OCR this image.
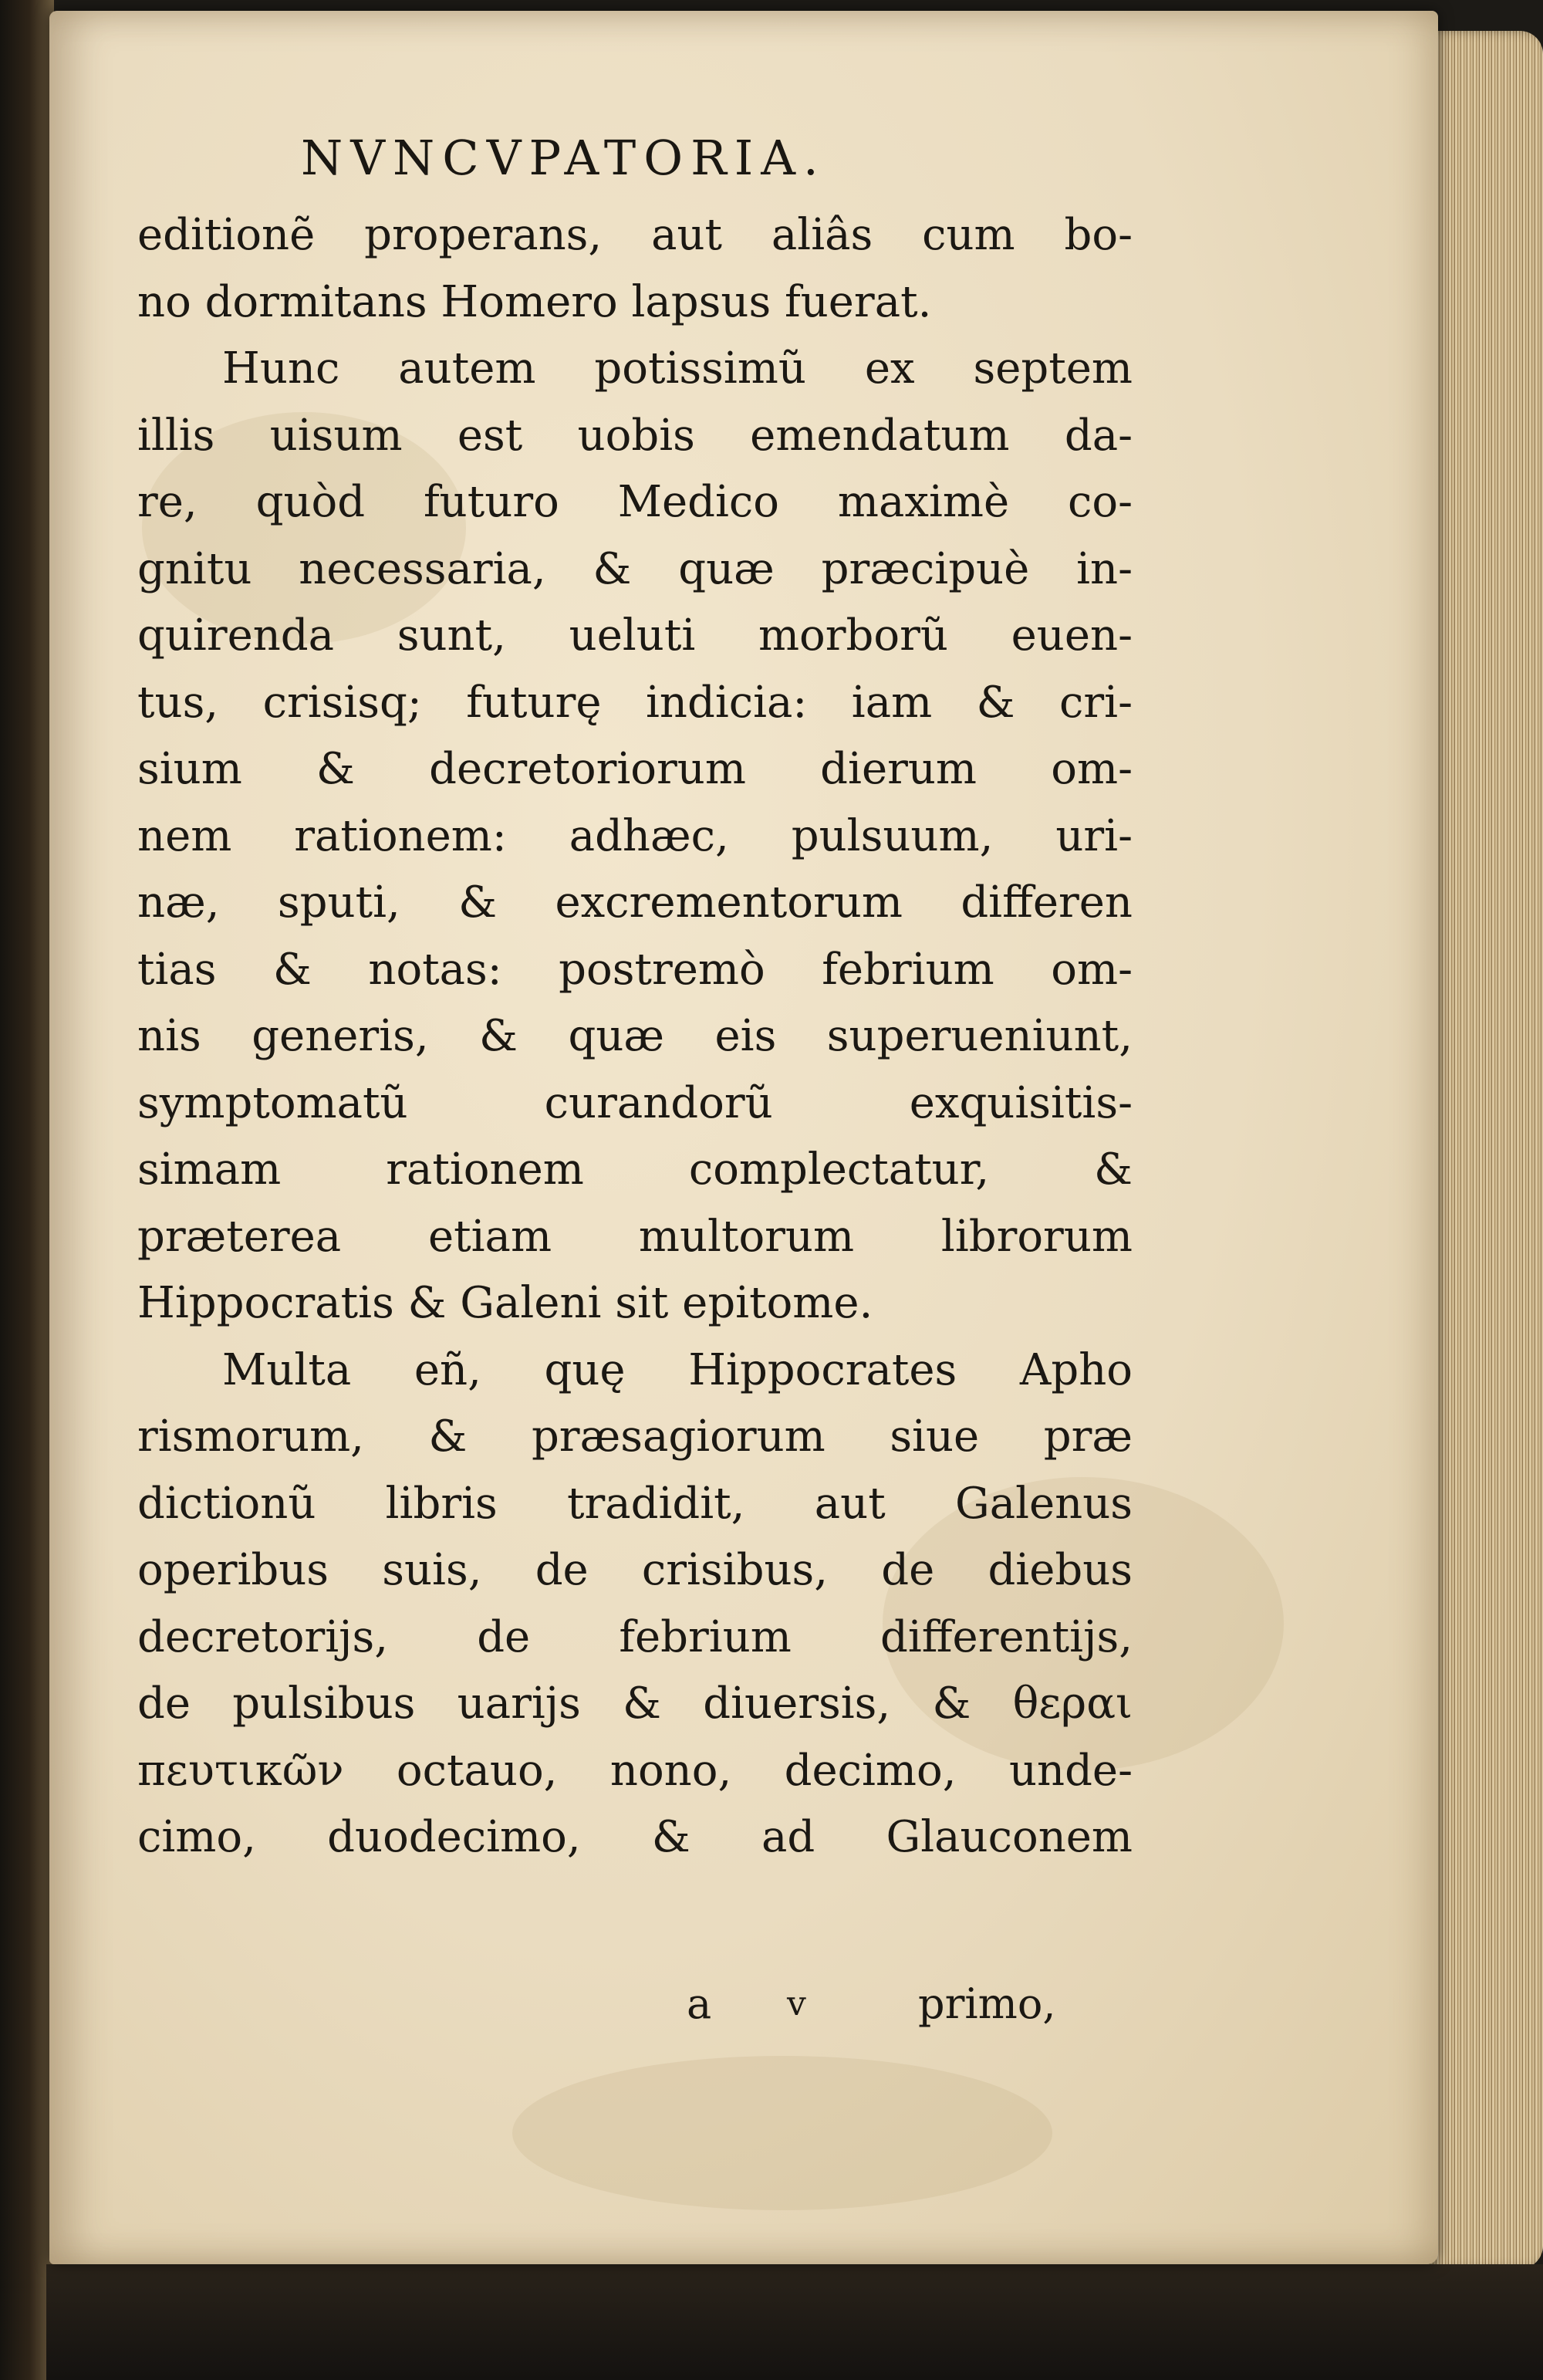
NVNCVPATORIA.
editionẽ properans, aut aliâs cum bo-
no dormitans Homero lapsus fuerat.
Hunc autem potissimũ ex septem
illis uisum est uobis emendatum da-
re, quòd futuro Medico maximè co-
gnitu necessaria, & quæ præcipuè in-
quirenda sunt, ueluti morborũ euen-
tus, crisisq; futurę indicia: iam & cri-
sium & decretoriorum dierum om-
nem rationem: adhæc, pulsuum, uri-
næ, sputi, & excrementorum differen
tias & notas: postremò febrium om-
nis generis, & quæ eis superueniunt,
symptomatũ curandorũ exquisitis-
simam rationem complectatur, &
præterea etiam multorum librorum
Hippocratis & Galeni sit epitome.
Multa eñ, quę Hippocrates Apho
rismorum, & præsagiorum siue præ
dictionũ libris tradidit, aut Galenus
operibus suis, de crisibus, de diebus
decretorijs, de febrium differentijs,
de pulsibus uarijs & diuersis, & θεραι
πευτικῶν octauo, nono, decimo, unde-
cimo, duodecimo, & ad Glauconem
a v	primo,
